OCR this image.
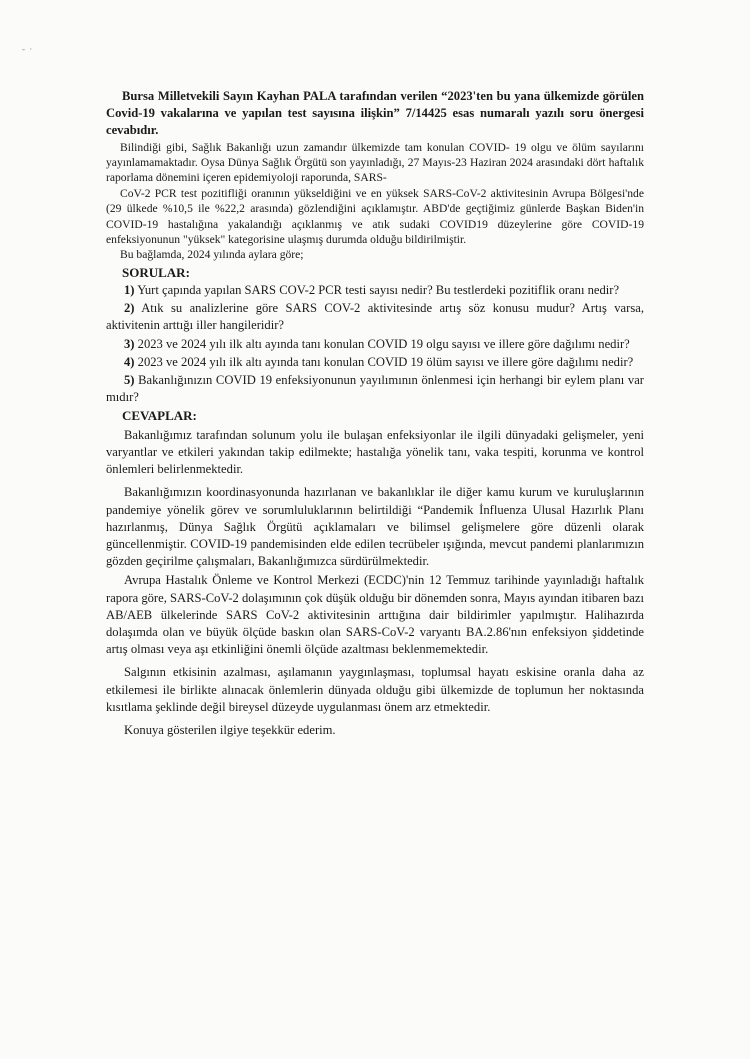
- ·

Bursa Milletvekili Sayın Kayhan PALA tarafından verilen “2023'ten bu yana ülkemizde görülen Covid-19 vakalarına ve yapılan test sayısına ilişkin” 7/14425 esas numaralı yazılı soru önergesi cevabıdır.

Bilindiği gibi, Sağlık Bakanlığı uzun zamandır ülkemizde tam konulan COVID- 19 olgu ve ölüm sayılarını yayınlamamaktadır. Oysa Dünya Sağlık Örgütü son yayınladığı, 27 Mayıs-23 Haziran 2024 arasındaki dört haftalık raporlama dönemini içeren epidemiyoloji raporunda, SARS-

CoV-2 PCR test pozitifliği oranının yükseldiğini ve en yüksek SARS-CoV-2 aktivitesinin Avrupa Bölgesi'nde (29 ülkede %10,5 ile %22,2 arasında) gözlendiğini açıklamıştır. ABD'de geçtiğimiz günlerde Başkan Biden'in COVID-19 hastalığına yakalandığı açıklanmış ve atık sudaki COVID19 düzeylerine göre COVID-19 enfeksiyonunun "yüksek" kategorisine ulaşmış durumda olduğu bildirilmiştir.

Bu bağlamda, 2024 yılında aylara göre;

SORULAR:

1) Yurt çapında yapılan SARS COV-2 PCR testi sayısı nedir? Bu testlerdeki pozitiflik oranı nedir?

2) Atık su analizlerine göre SARS COV-2 aktivitesinde artış söz konusu mudur? Artış varsa, aktivitenin arttığı iller hangileridir?

3) 2023 ve 2024 yılı ilk altı ayında tanı konulan COVID 19 olgu sayısı ve illere göre dağılımı nedir?

4) 2023 ve 2024 yılı ilk altı ayında tanı konulan COVID 19 ölüm sayısı ve illere göre dağılımı nedir?

5) Bakanlığınızın COVID 19 enfeksiyonunun yayılımının önlenmesi için herhangi bir eylem planı var mıdır?

CEVAPLAR:

Bakanlığımız tarafından solunum yolu ile bulaşan enfeksiyonlar ile ilgili dünyadaki gelişmeler, yeni varyantlar ve etkileri yakından takip edilmekte; hastalığa yönelik tanı, vaka tespiti, korunma ve kontrol önlemleri belirlenmektedir.

Bakanlığımızın koordinasyonunda hazırlanan ve bakanlıklar ile diğer kamu kurum ve kuruluşlarının pandemiye yönelik görev ve sorumluluklarının belirtildiği “Pandemik İnfluenza Ulusal Hazırlık Planı hazırlanmış, Dünya Sağlık Örgütü açıklamaları ve bilimsel gelişmelere göre düzenli olarak güncellenmiştir. COVID-19 pandemisinden elde edilen tecrübeler ışığında, mevcut pandemi planlarımızın gözden geçirilme çalışmaları, Bakanlığımızca sürdürülmektedir.

Avrupa Hastalık Önleme ve Kontrol Merkezi (ECDC)'nin 12 Temmuz tarihinde yayınladığı haftalık rapora göre, SARS-CoV-2 dolaşımının çok düşük olduğu bir dönemden sonra, Mayıs ayından itibaren bazı AB/AEB ülkelerinde SARS CoV-2 aktivitesinin arttığına dair bildirimler yapılmıştır. Halihazırda dolaşımda olan ve büyük ölçüde baskın olan SARS-CoV-2 varyantı BA.2.86'nın enfeksiyon şiddetinde artış olması veya aşı etkinliğini önemli ölçüde azaltması beklenmemektedir.

Salgının etkisinin azalması, aşılamanın yaygınlaşması, toplumsal hayatı eskisine oranla daha az etkilemesi ile birlikte alınacak önlemlerin dünyada olduğu gibi ülkemizde de toplumun her noktasında kısıtlama şeklinde değil bireysel düzeyde uygulanması önem arz etmektedir.

Konuya gösterilen ilgiye teşekkür ederim.
